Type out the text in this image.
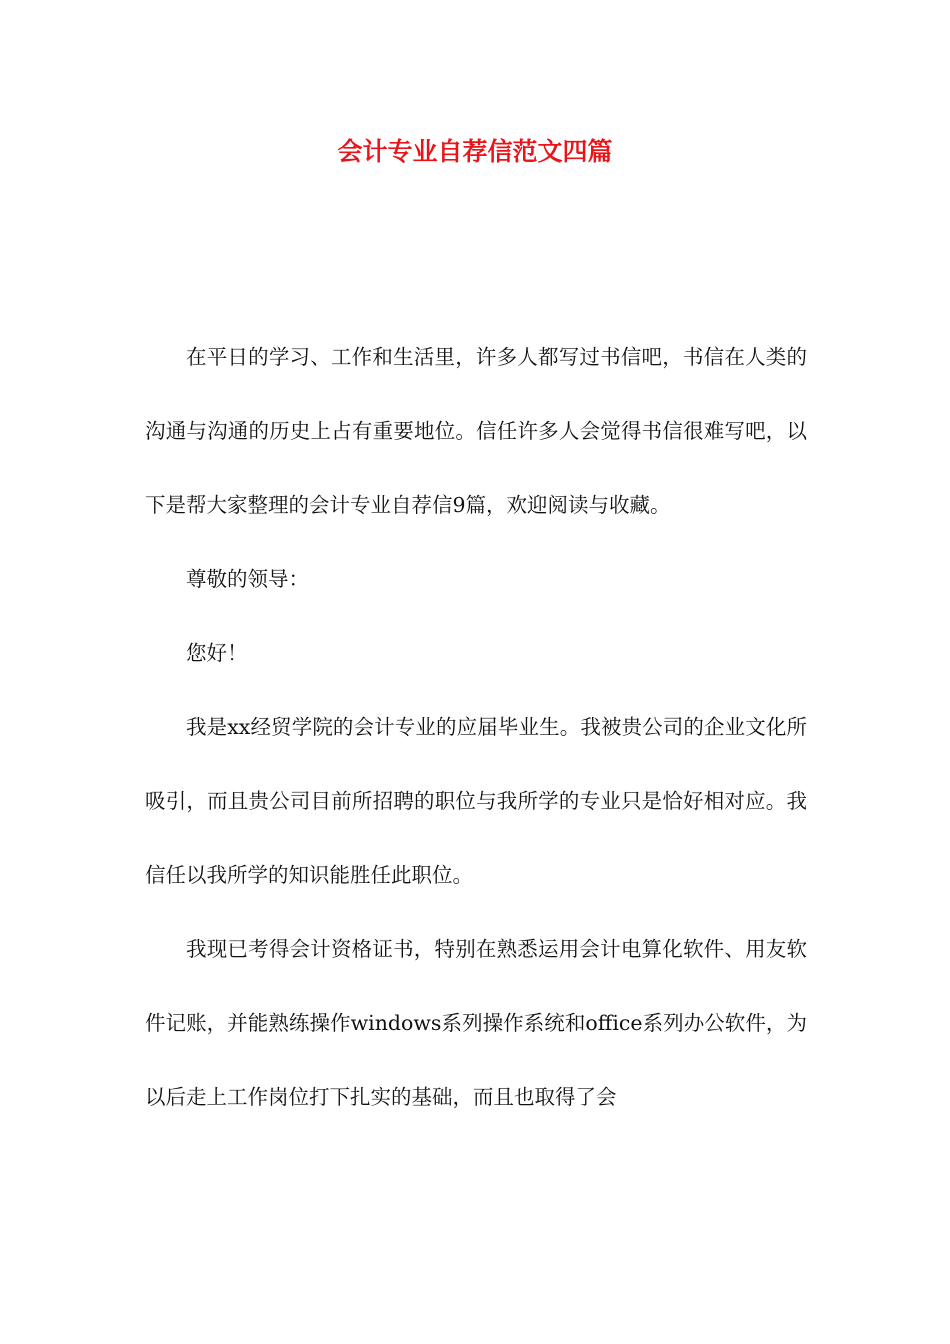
会计专业自荐信范文四篇

在平日的学习、工作和生活里，许多人都写过书信吧，书信在人类的沟通与沟通的历史上占有重要地位。信任许多人会觉得书信很难写吧，以下是帮大家整理的会计专业自荐信9篇，欢迎阅读与收藏。

尊敬的领导：

您好！

我是xx经贸学院的会计专业的应届毕业生。我被贵公司的企业文化所吸引，而且贵公司目前所招聘的职位与我所学的专业只是恰好相对应。我信任以我所学的知识能胜任此职位。

我现已考得会计资格证书，特别在熟悉运用会计电算化软件、用友软件记账，并能熟练操作windows系列操作系统和office系列办公软件，为以后走上工作岗位打下扎实的基础，而且也取得了会
